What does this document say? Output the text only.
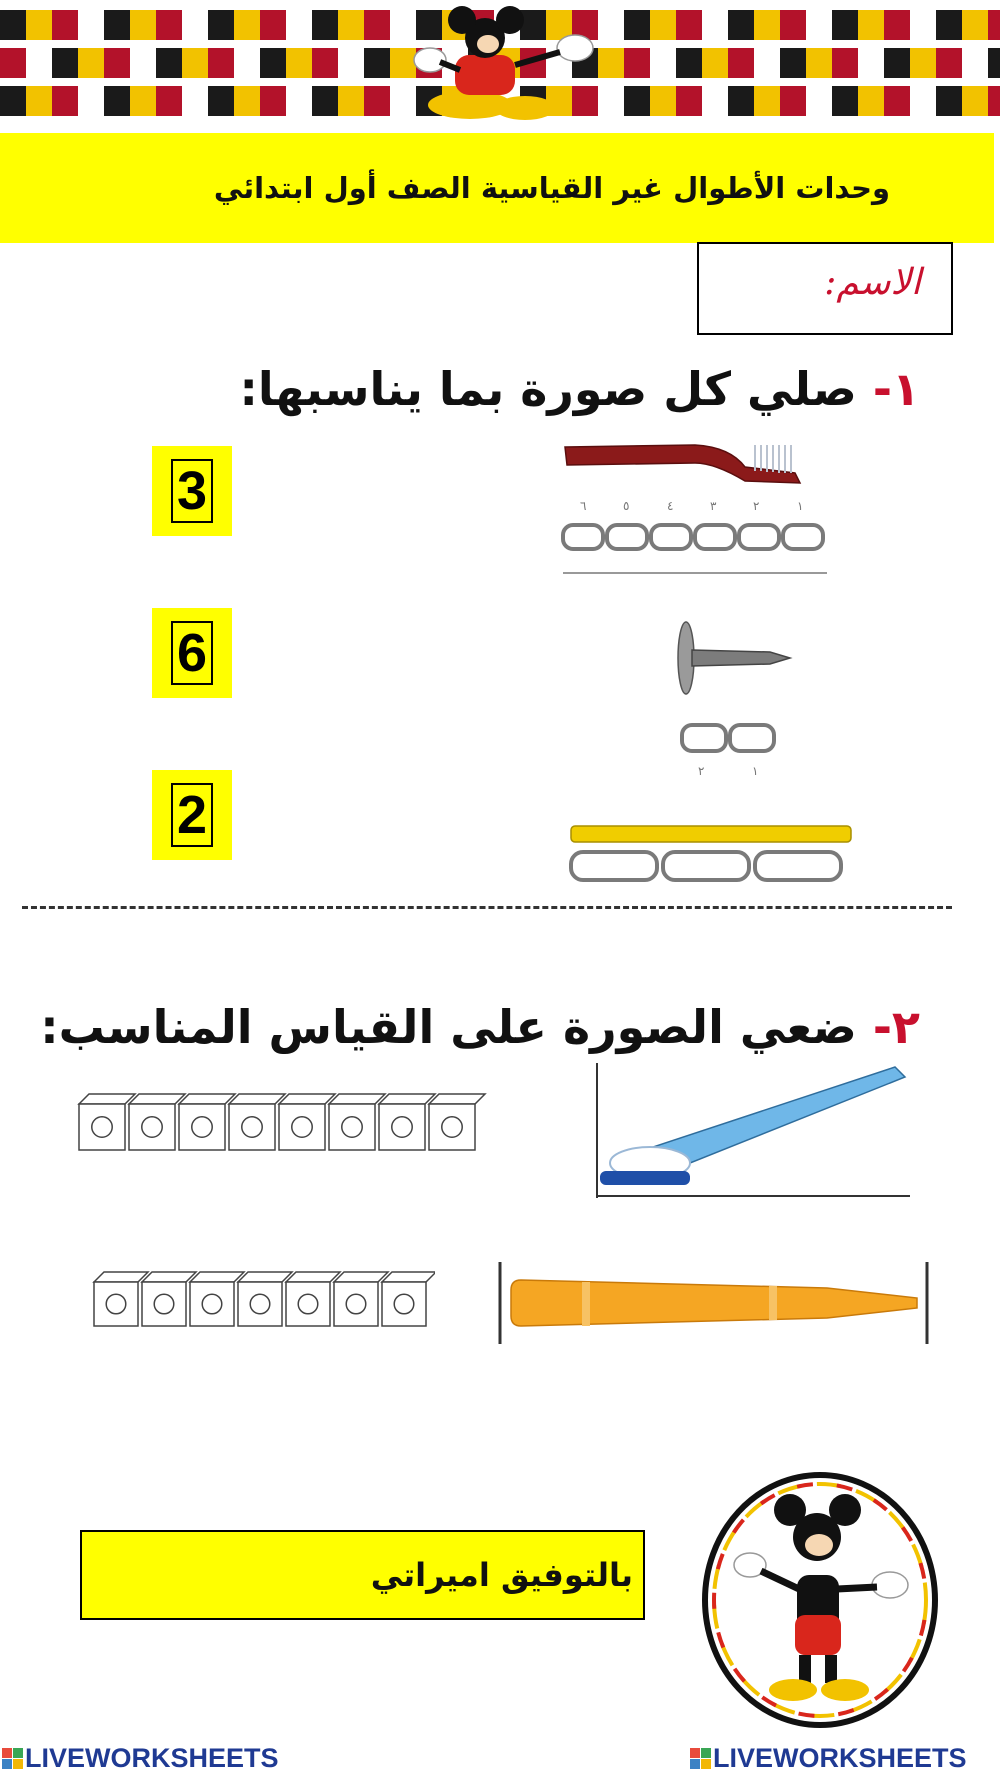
وحدات الأطوال غير القياسية الصف أول ابتدائي
الاسم:
١- صلي كل صورة بما يناسبها:
3
6
2
٦	٥	٤	٣	٢	١
٢	١
٢- ضعي الصورة على القياس المناسب:
بالتوفيق اميراتي
LIVEWORKSHEETS	LIVEWORKSHEETS
